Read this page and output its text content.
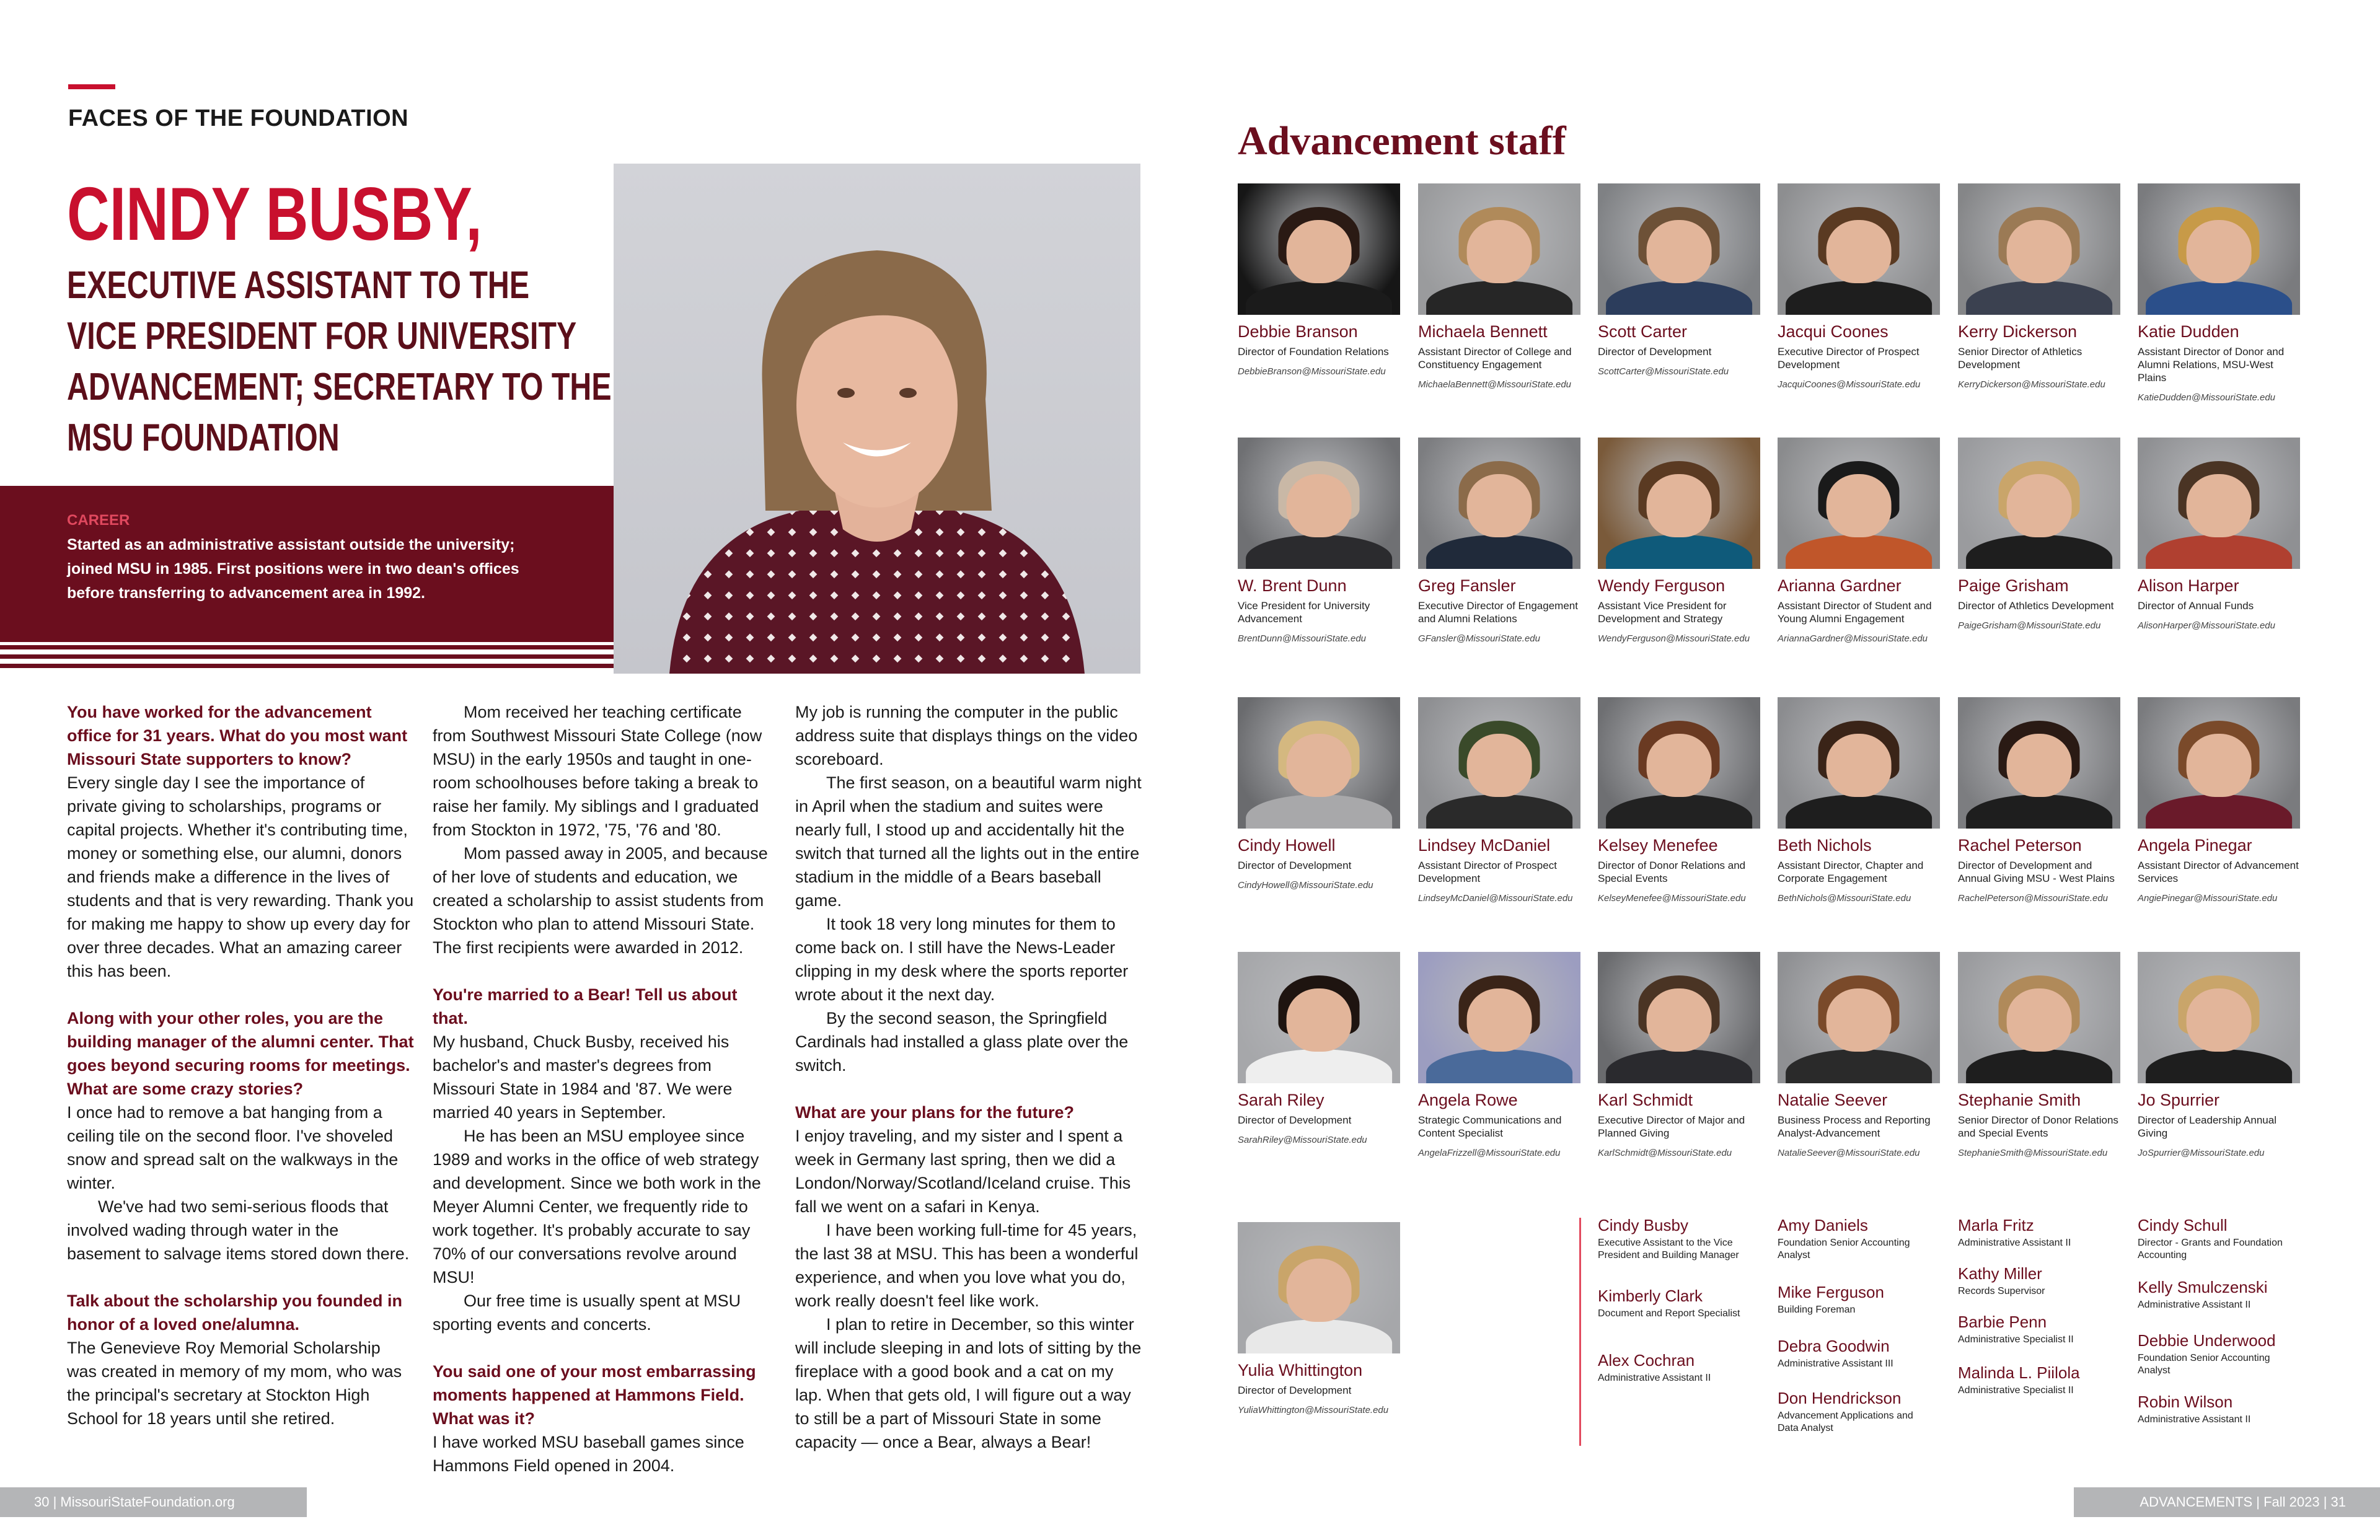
FACES OF THE FOUNDATION
CINDY BUSBY,
EXECUTIVE ASSISTANT TO THE
VICE PRESIDENT FOR UNIVERSITY
ADVANCEMENT; SECRETARY TO THE
MSU FOUNDATION
CAREER
Started as an administrative assistant outside the university; joined MSU in 1985. First positions were in two dean's offices before transferring to advancement area in 1992.

You have worked for the advancement office for 31 years. What do you most want Missouri State supporters to know?

Every single day I see the importance of private giving to scholarships, programs or capital projects. Whether it's contributing time, money or something else, our alumni, donors and friends make a difference in the lives of students and that is very rewarding. Thank you for making me happy to show up every day for over three decades. What an amazing career this has been.

Along with your other roles, you are the building manager of the alumni center. That goes beyond securing rooms for meetings. What are some crazy stories?

I once had to remove a bat hanging from a ceiling tile on the second floor. I've shoveled snow and spread salt on the walkways in the winter.

We've had two semi-serious floods that involved wading through water in the basement to salvage items stored down there.

Talk about the scholarship you founded in honor of a loved one/alumna.

The Genevieve Roy Memorial Scholarship was created in memory of my mom, who was the principal's secretary at Stockton High School for 18 years until she retired.

Mom received her teaching certificate from Southwest Missouri State College (now MSU) in the early 1950s and taught in one-room schoolhouses before taking a break to raise her family. My siblings and I graduated from Stockton in 1972, '75, '76 and '80.

Mom passed away in 2005, and because of her love of students and education, we created a scholarship to assist students from Stockton who plan to attend Missouri State. The first recipients were awarded in 2012.

You're married to a Bear! Tell us about that.

My husband, Chuck Busby, received his bachelor's and master's degrees from Missouri State in 1984 and '87. We were married 40 years in September.

He has been an MSU employee since 1989 and works in the office of web strategy and development. Since we both work in the Meyer Alumni Center, we frequently ride to work together. It's probably accurate to say 70% of our conversations revolve around MSU!

Our free time is usually spent at MSU sporting events and concerts.

You said one of your most embarrassing moments happened at Hammons Field. What was it?

I have worked MSU baseball games since Hammons Field opened in 2004.

My job is running the computer in the public address suite that displays things on the video scoreboard.

The first season, on a beautiful warm night in April when the stadium and suites were nearly full, I stood up and accidentally hit the switch that turned all the lights out in the entire stadium in the middle of a Bears baseball game.

It took 18 very long minutes for them to come back on. I still have the News-Leader clipping in my desk where the sports reporter wrote about it the next day.

By the second season, the Springfield Cardinals had installed a glass plate over the switch.

What are your plans for the future?

I enjoy traveling, and my sister and I spent a week in Germany last spring, then we did a London/Norway/Scotland/Iceland cruise. This fall we went on a safari in Kenya.

I have been working full-time for 45 years, the last 38 at MSU. This has been a wonderful experience, and when you love what you do, work really doesn't feel like work.

I plan to retire in December, so this winter will include sleeping in and lots of sitting by the fireplace with a good book and a cat on my lap. When that gets old, I will figure out a way to still be a part of Missouri State in some capacity — once a Bear, always a Bear!

30 | MissouriStateFoundation.org
Advancement staff
Debbie Branson
Director of Foundation Relations
DebbieBranson@MissouriState.edu
Michaela Bennett
Assistant Director of College and Constituency Engagement
MichaelaBennett@MissouriState.edu
Scott Carter
Director of Development
ScottCarter@MissouriState.edu
Jacqui Coones
Executive Director of Prospect Development
JacquiCoones@MissouriState.edu
Kerry Dickerson
Senior Director of Athletics Development
KerryDickerson@MissouriState.edu
Katie Dudden
Assistant Director of Donor and Alumni Relations, MSU-West Plains
KatieDudden@MissouriState.edu
W. Brent Dunn
Vice President for University Advancement
BrentDunn@MissouriState.edu
Greg Fansler
Executive Director of Engagement and Alumni Relations
GFansler@MissouriState.edu
Wendy Ferguson
Assistant Vice President for Development and Strategy
WendyFerguson@MissouriState.edu
Arianna Gardner
Assistant Director of Student and Young Alumni Engagement
AriannaGardner@MissouriState.edu
Paige Grisham
Director of Athletics Development
PaigeGrisham@MissouriState.edu
Alison Harper
Director of Annual Funds
AlisonHarper@MissouriState.edu
Cindy Howell
Director of Development
CindyHowell@MissouriState.edu
Lindsey McDaniel
Assistant Director of Prospect Development
LindseyMcDaniel@MissouriState.edu
Kelsey Menefee
Director of Donor Relations and Special Events
KelseyMenefee@MissouriState.edu
Beth Nichols
Assistant Director, Chapter and Corporate Engagement
BethNichols@MissouriState.edu
Rachel Peterson
Director of Development and Annual Giving MSU - West Plains
RachelPeterson@MissouriState.edu
Angela Pinegar
Assistant Director of Advancement Services
AngiePinegar@MissouriState.edu
Sarah Riley
Director of Development
SarahRiley@MissouriState.edu
Angela Rowe
Strategic Communications and Content Specialist
AngelaFrizzell@MissouriState.edu
Karl Schmidt
Executive Director of Major and Planned Giving
KarlSchmidt@MissouriState.edu
Natalie Seever
Business Process and Reporting Analyst-Advancement
NatalieSeever@MissouriState.edu
Stephanie Smith
Senior Director of Donor Relations and Special Events
StephanieSmith@MissouriState.edu
Jo Spurrier
Director of Leadership Annual Giving
JoSpurrier@MissouriState.edu
Yulia Whittington
Director of Development
YuliaWhittington@MissouriState.edu
Cindy Busby
Executive Assistant to the Vice President and Building Manager
Kimberly Clark
Document and Report Specialist
Alex Cochran
Administrative Assistant II
Amy Daniels
Foundation Senior Accounting Analyst
Mike Ferguson
Building Foreman
Debra Goodwin
Administrative Assistant III
Don Hendrickson
Advancement Applications and Data Analyst
Marla Fritz
Administrative Assistant II
Kathy Miller
Records Supervisor
Barbie Penn
Administrative Specialist II
Malinda L. Piilola
Administrative Specialist II
Cindy Schull
Director - Grants and Foundation Accounting
Kelly Smulczenski
Administrative Assistant II
Debbie Underwood
Foundation Senior Accounting Analyst
Robin Wilson
Administrative Assistant II
ADVANCEMENTS | Fall 2023 | 31
